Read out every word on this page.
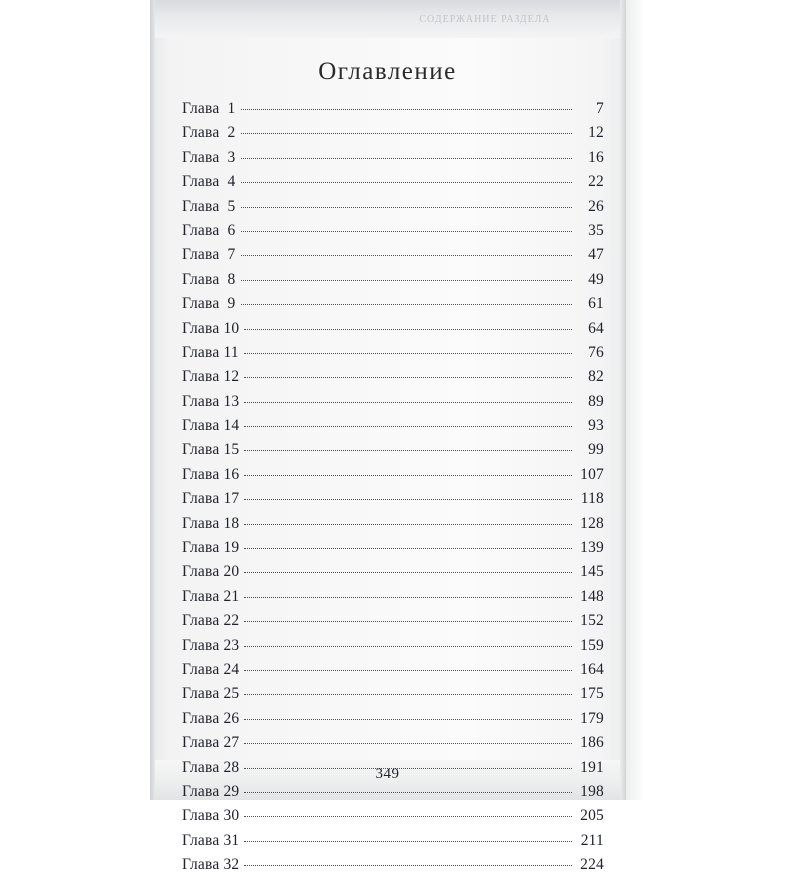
СОДЕРЖАНИЕ РАЗДЕЛА
Оглавление
Глава  1	7
Глава  2	12
Глава  3	16
Глава  4	22
Глава  5	26
Глава  6	35
Глава  7	47
Глава  8	49
Глава  9	61
Глава 10	64
Глава 11	76
Глава 12	82
Глава 13	89
Глава 14	93
Глава 15	99
Глава 16	107
Глава 17	118
Глава 18	128
Глава 19	139
Глава 20	145
Глава 21	148
Глава 22	152
Глава 23	159
Глава 24	164
Глава 25	175
Глава 26	179
Глава 27	186
Глава 28	191
Глава 29	198
Глава 30	205
Глава 31	211
Глава 32	224
349
